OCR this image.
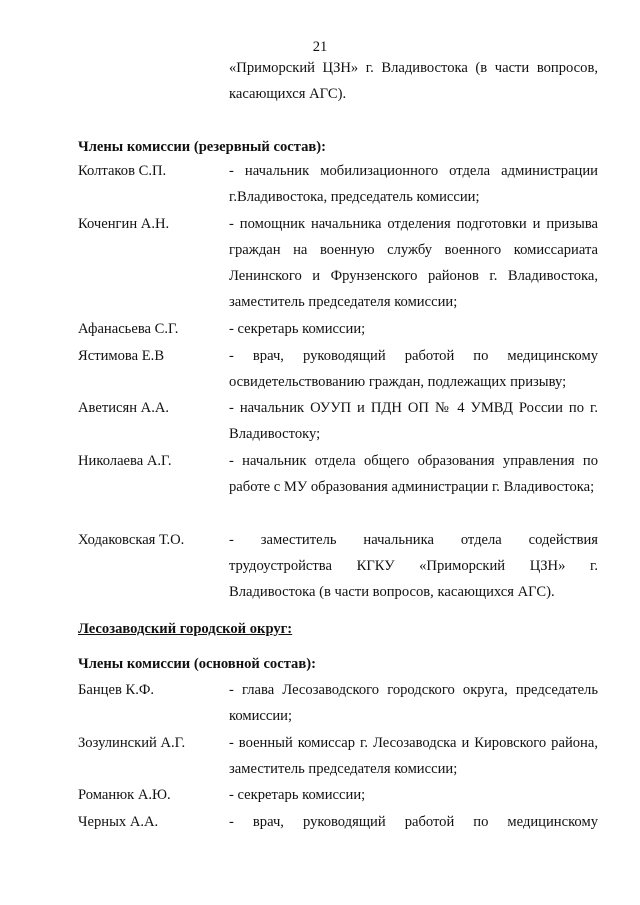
21
«Приморский ЦЗН» г. Владивостока (в части вопросов, касающихся АГС).
Члены комиссии (резервный состав):
Колтаков С.П.	- начальник мобилизационного отдела администрации г.Владивостока, председатель комиссии;
Коченгин А.Н.	- помощник начальника отделения подготовки и призыва граждан на военную службу военного комиссариата Ленинского и Фрунзенского районов г. Владивостока, заместитель председателя комиссии;
Афанасьева С.Г.	- секретарь комиссии;
Ястимова Е.В	- врач, руководящий работой по медицинскому освидетельствованию граждан, подлежащих призыву;
Аветисян А.А.	- начальник ОУУП и ПДН ОП № 4 УМВД России по г. Владивостоку;
Николаева А.Г.	- начальник отдела общего образования управления по работе с МУ образования администрации г. Владивостока;
Ходаковская Т.О.	- заместитель начальника отдела содействия трудоустройства КГКУ «Приморский ЦЗН» г. Владивостока (в части вопросов, касающихся АГС).
Лесозаводский городской округ:
Члены комиссии (основной состав):
Банцев К.Ф.	- глава Лесозаводского городского округа, председатель комиссии;
Зозулинский А.Г.	- военный комиссар г. Лесозаводска и Кировского района, заместитель председателя комиссии;
Романюк А.Ю.	- секретарь комиссии;
Черных А.А.	- врач, руководящий работой по медицинскому
